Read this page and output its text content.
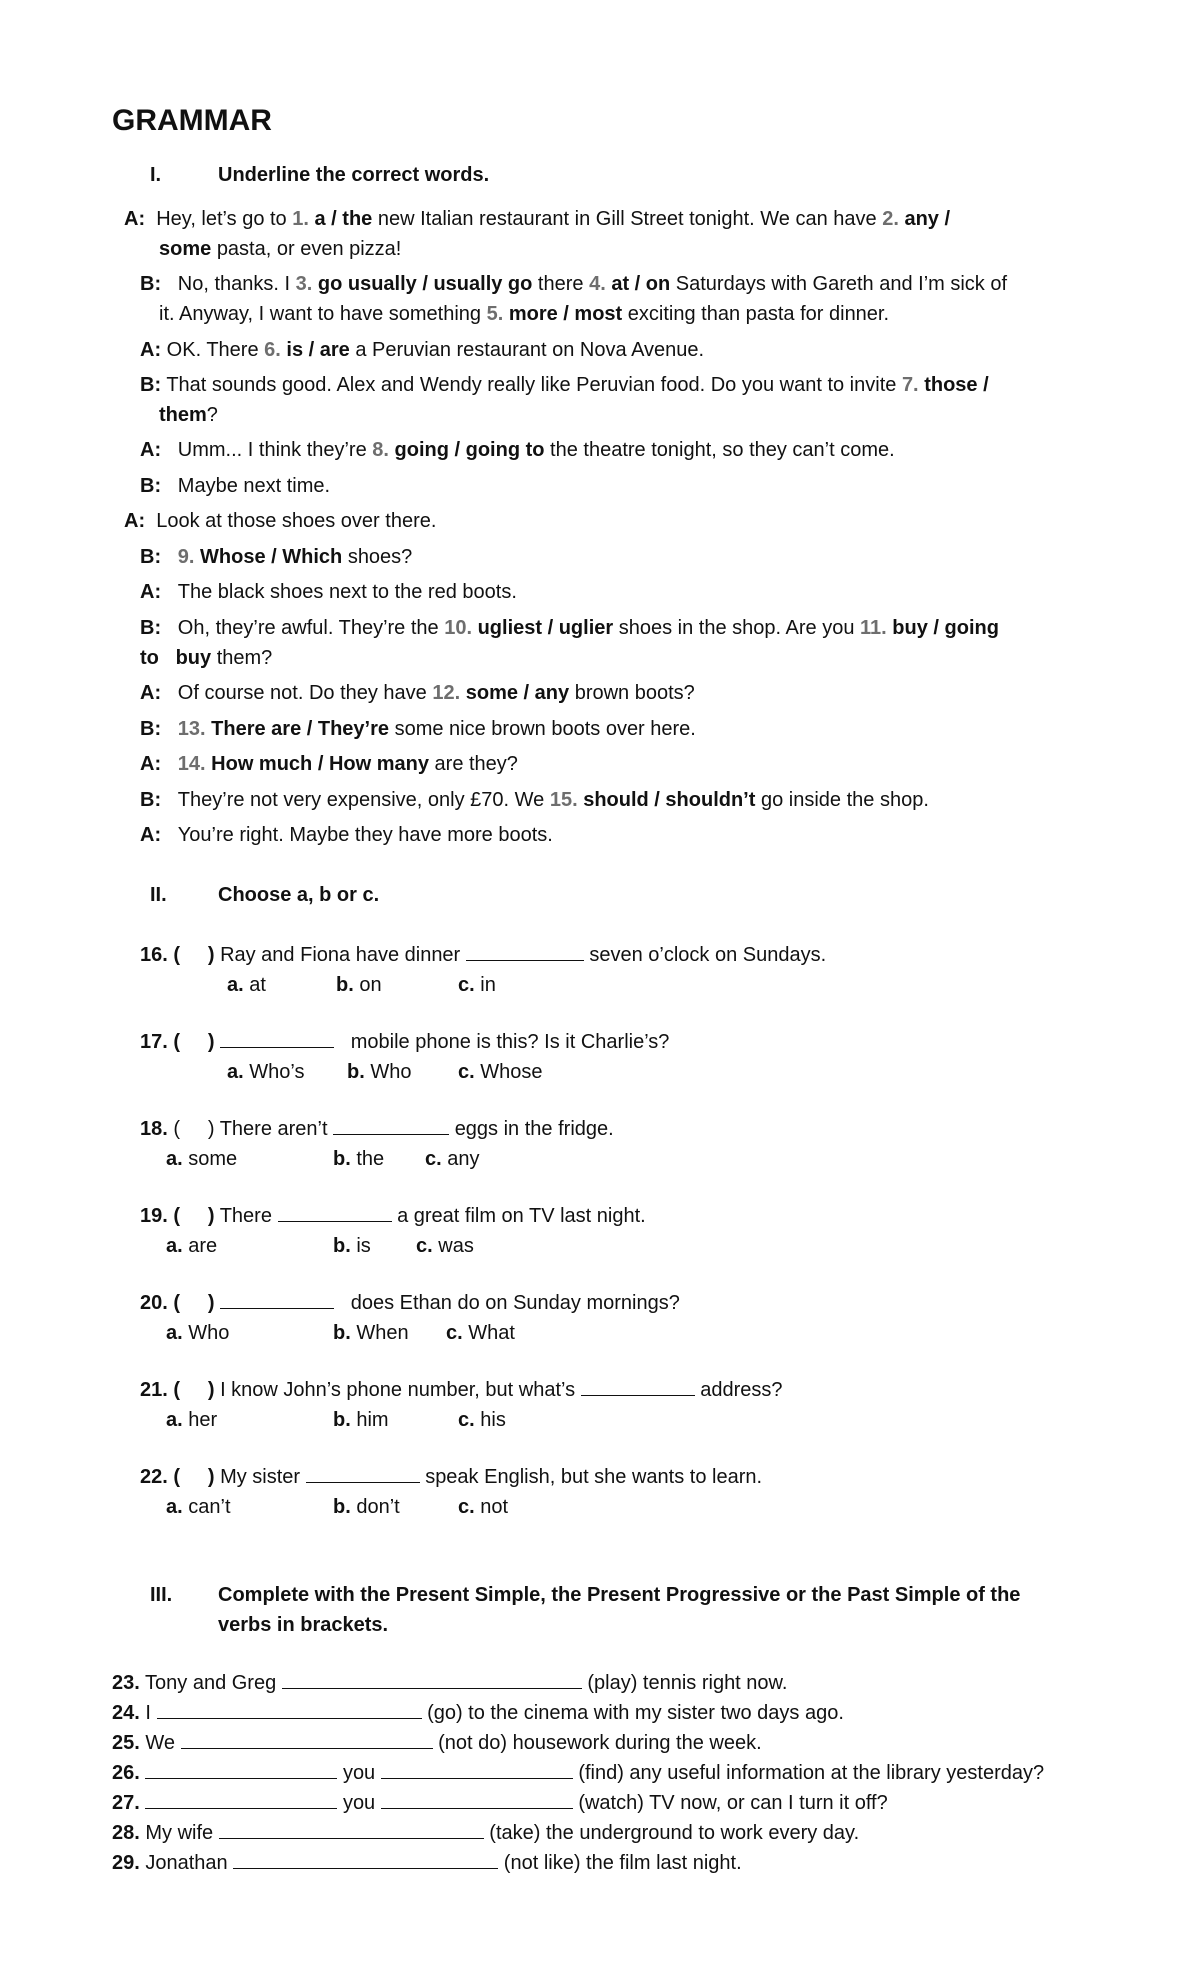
GRAMMAR
I.	Underline the correct words.
A: Hey, let’s go to 1. a / the new Italian restaurant in Gill Street tonight. We can have 2. any /
some pasta, or even pizza!
B: No, thanks. I 3. go usually / usually go there 4. at / on Saturdays with Gareth and I’m sick of
it. Anyway, I want to have something 5. more / most exciting than pasta for dinner.
A: OK. There 6. is / are a Peruvian restaurant on Nova Avenue.
B: That sounds good. Alex and Wendy really like Peruvian food. Do you want to invite 7. those /
them?
A: Umm... I think they’re 8. going / going to the theatre tonight, so they can’t come.
B: Maybe next time.
A: Look at those shoes over there.
B: 9. Whose / Which shoes?
A: The black shoes next to the red boots.
B: Oh, they’re awful. They’re the 10. ugliest / uglier shoes in the shop. Are you 11. buy / going
to buy them?
A: Of course not. Do they have 12. some / any brown boots?
B: 13. There are / They’re some nice brown boots over here.
A: 14. How much / How many are they?
B: They’re not very expensive, only £70. We 15. should / shouldn’t go inside the shop.
A: You’re right. Maybe they have more boots.
II.	Choose a, b or c.
16. ( ) Ray and Fiona have dinner	seven o’clock on Sundays.
a. at	b. on	c. in
17. ( )	mobile phone is this? Is it Charlie’s?
a. Who’s b. Who c. Whose
18. ( ) There aren’t	eggs in the fridge.
a. some	b. the c. any
19. ( ) There	a great film on TV last night.
a. are	b. is c. was
20. ( )	does Ethan do on Sunday mornings?
a. Who	b. When c. What
21. ( ) I know John’s phone number, but what’s	address?
a. her	b. him	c. his
22. ( ) My sister	speak English, but she wants to learn.
a. can’t	b. don’t	c. not
III. Complete with the Present Simple, the Present Progressive or the Past Simple of the
verbs in brackets.
23. Tony and Greg	(play) tennis right now.
24. I	(go) to the cinema with my sister two days ago.
25. We	(not do) housework during the week.
26.	you	(find) any useful information at the library yesterday?
27.	you	(watch) TV now, or can I turn it off?
28. My wife	(take) the underground to work every day.
29. Jonathan	(not like) the film last night.
